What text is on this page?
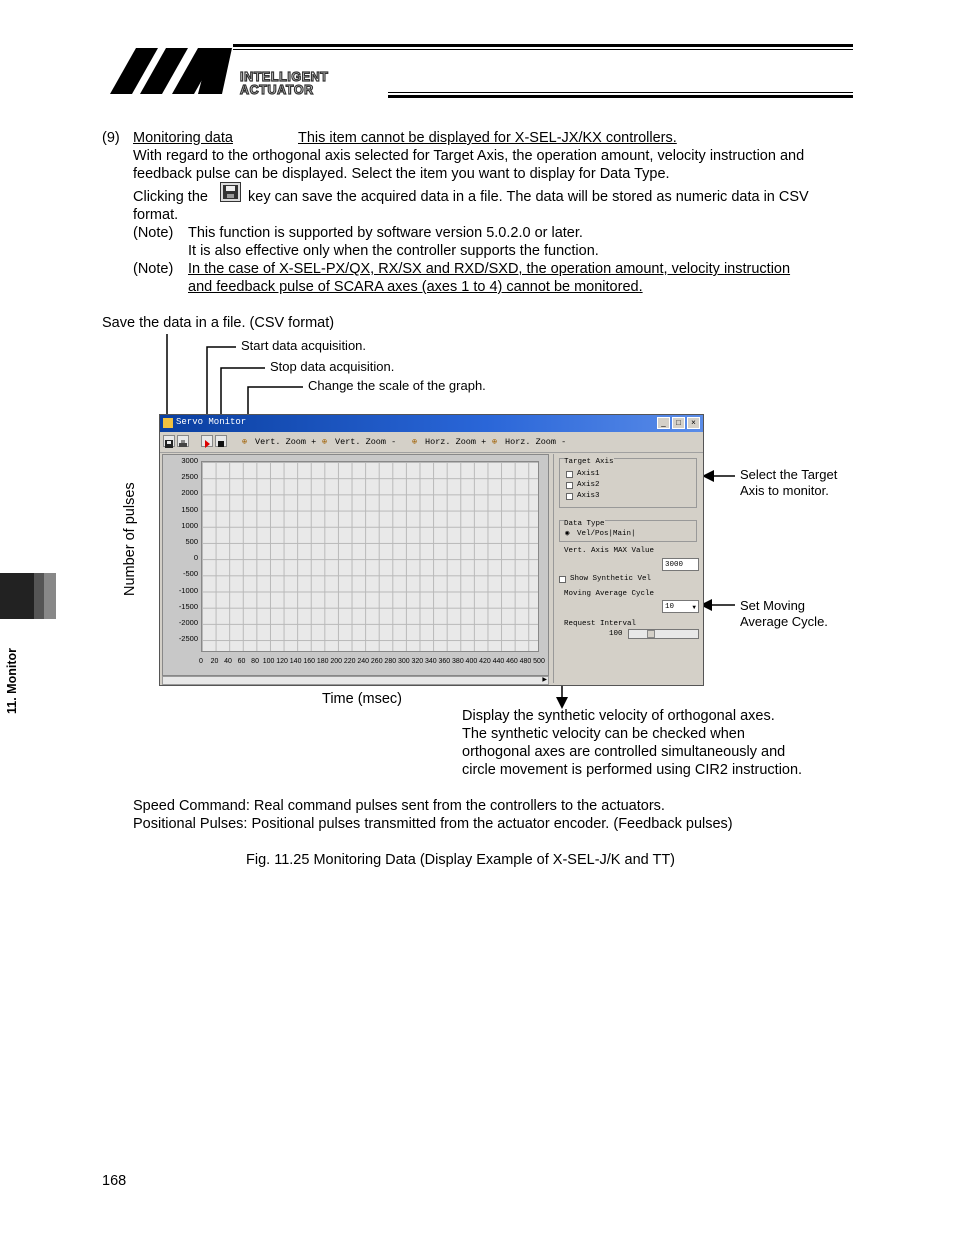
INTELLIGENT
ACTUATOR
11. Monitor
(9) Monitoring data	This item cannot be displayed for X-SEL-JX/KX controllers.
With regard to the orthogonal axis selected for Target Axis, the operation amount, velocity instruction and
feedback pulse can be displayed. Select the item you want to display for Data Type.
Clicking the	key can save the acquired data in a file. The data will be stored as numeric data in CSV
format.
(Note) This function is supported by software version 5.0.2.0 or later.
It is also effective only when the controller supports the function.
(Note) In the case of X-SEL-PX/QX, RX/SX and RXD/SXD, the operation amount, velocity instruction
and feedback pulse of SCARA axes (axes 1 to 4) cannot be monitored.
Save the data in a file. (CSV format)
Start data acquisition.
Stop data acquisition.
Change the scale of the graph.
Servo Monitor	_	□	×
⊕ Vert. Zoom + ⊕ Vert. Zoom - ⊕ Horz. Zoom + ⊕ Horz. Zoom -
3000
2500
2000
1500
1000
500
0
-500
-1000
-1500
-2000
-2500
0 20 40 60 80 100 120 140 160 180 200 220 240 260 280 300 320 340 360 380 400 420 440 460 480 500
▶
Target Axis
Axis1
Axis2
Axis3
Data Type
◉ Vel/Pos|Main|
Vert. Axis MAX Value
3000
Show Synthetic Vel
Moving Average Cycle
10	▼
Request Interval
100
Select the Target
Axis to monitor.
Set Moving
Average Cycle.
Number of pulses
Time (msec)
Display the synthetic velocity of orthogonal axes.
The synthetic velocity can be checked when
orthogonal axes are controlled simultaneously and
circle movement is performed using CIR2 instruction.
Speed Command: Real command pulses sent from the controllers to the actuators.
Positional Pulses: Positional pulses transmitted from the actuator encoder. (Feedback pulses)
Fig. 11.25 Monitoring Data (Display Example of X-SEL-J/K and TT)
168
